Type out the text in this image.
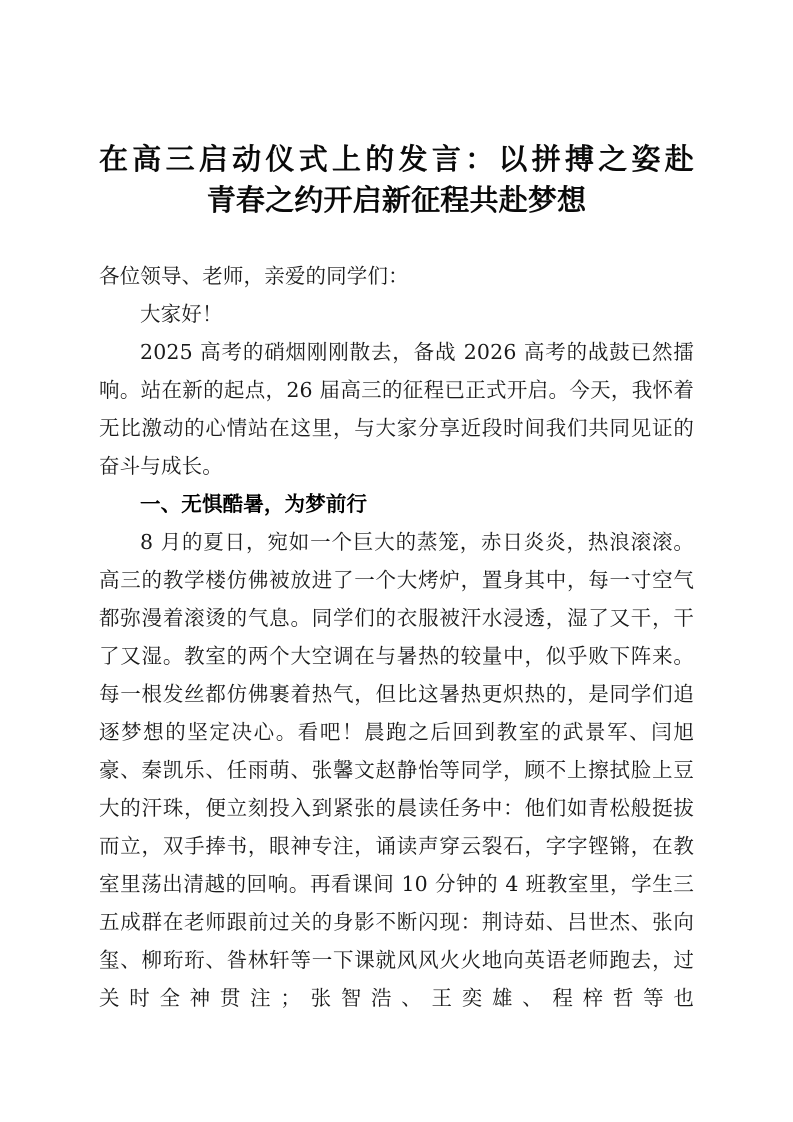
在高三启动仪式上的发言：以拼搏之姿赴
青春之约开启新征程共赴梦想

各位领导、老师，亲爱的同学们：

大家好！

2025 高考的硝烟刚刚散去，备战 2026 高考的战鼓已然擂响。站在新的起点，26 届高三的征程已正式开启。今天，我怀着无比激动的心情站在这里，与大家分享近段时间我们共同见证的奋斗与成长。

一、无惧酷暑，为梦前行

8 月的夏日，宛如一个巨大的蒸笼，赤日炎炎，热浪滚滚。高三的教学楼仿佛被放进了一个大烤炉，置身其中，每一寸空气都弥漫着滚烫的气息。同学们的衣服被汗水浸透，湿了又干，干了又湿。教室的两个大空调在与暑热的较量中，似乎败下阵来。每一根发丝都仿佛裹着热气，但比这暑热更炽热的，是同学们追逐梦想的坚定决心。看吧！晨跑之后回到教室的武景军、闫旭豪、秦凯乐、任雨萌、张馨文赵静怡等同学，顾不上擦拭脸上豆大的汗珠，便立刻投入到紧张的晨读任务中：他们如青松般挺拔而立，双手捧书，眼神专注，诵读声穿云裂石，字字铿锵，在教室里荡出清越的回响。再看课间 10 分钟的 4 班教室里，学生三五成群在老师跟前过关的身影不断闪现：荆诗茹、吕世杰、张向玺、柳珩珩、昝林轩等一下课就风风火火地向英语老师跑去，过关时全神贯注；张智浩、王奕雄、程梓哲等也
